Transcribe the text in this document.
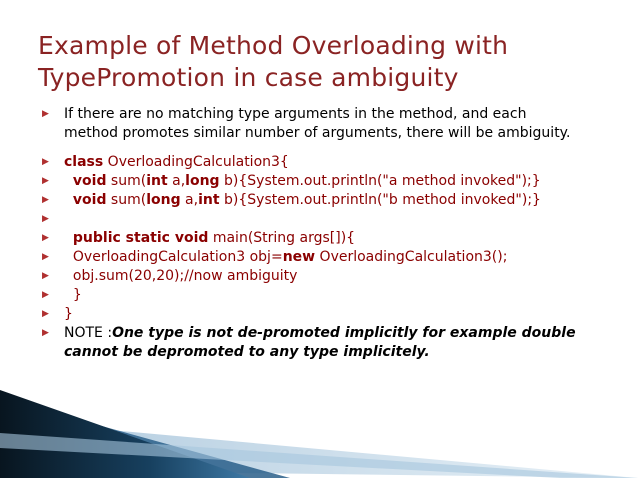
Example of Method Overloading with
TypePromotion in case ambiguity
▶ If there are no matching type arguments in the method, and each
method promotes similar number of arguments, there will be ambiguity.
▶ class OverloadingCalculation3{
▶ void sum(int a,long b){System.out.println("a method invoked");}
▶ void sum(long a,int b){System.out.println("b method invoked");}
▶

▶ public static void main(String args[]){
▶ OverloadingCalculation3 obj=new OverloadingCalculation3();
▶ obj.sum(20,20);//now ambiguity
▶ }
▶ }
▶ NOTE :One type is not de-promoted implicitly for example double
cannot be depromoted to any type implicitely.
